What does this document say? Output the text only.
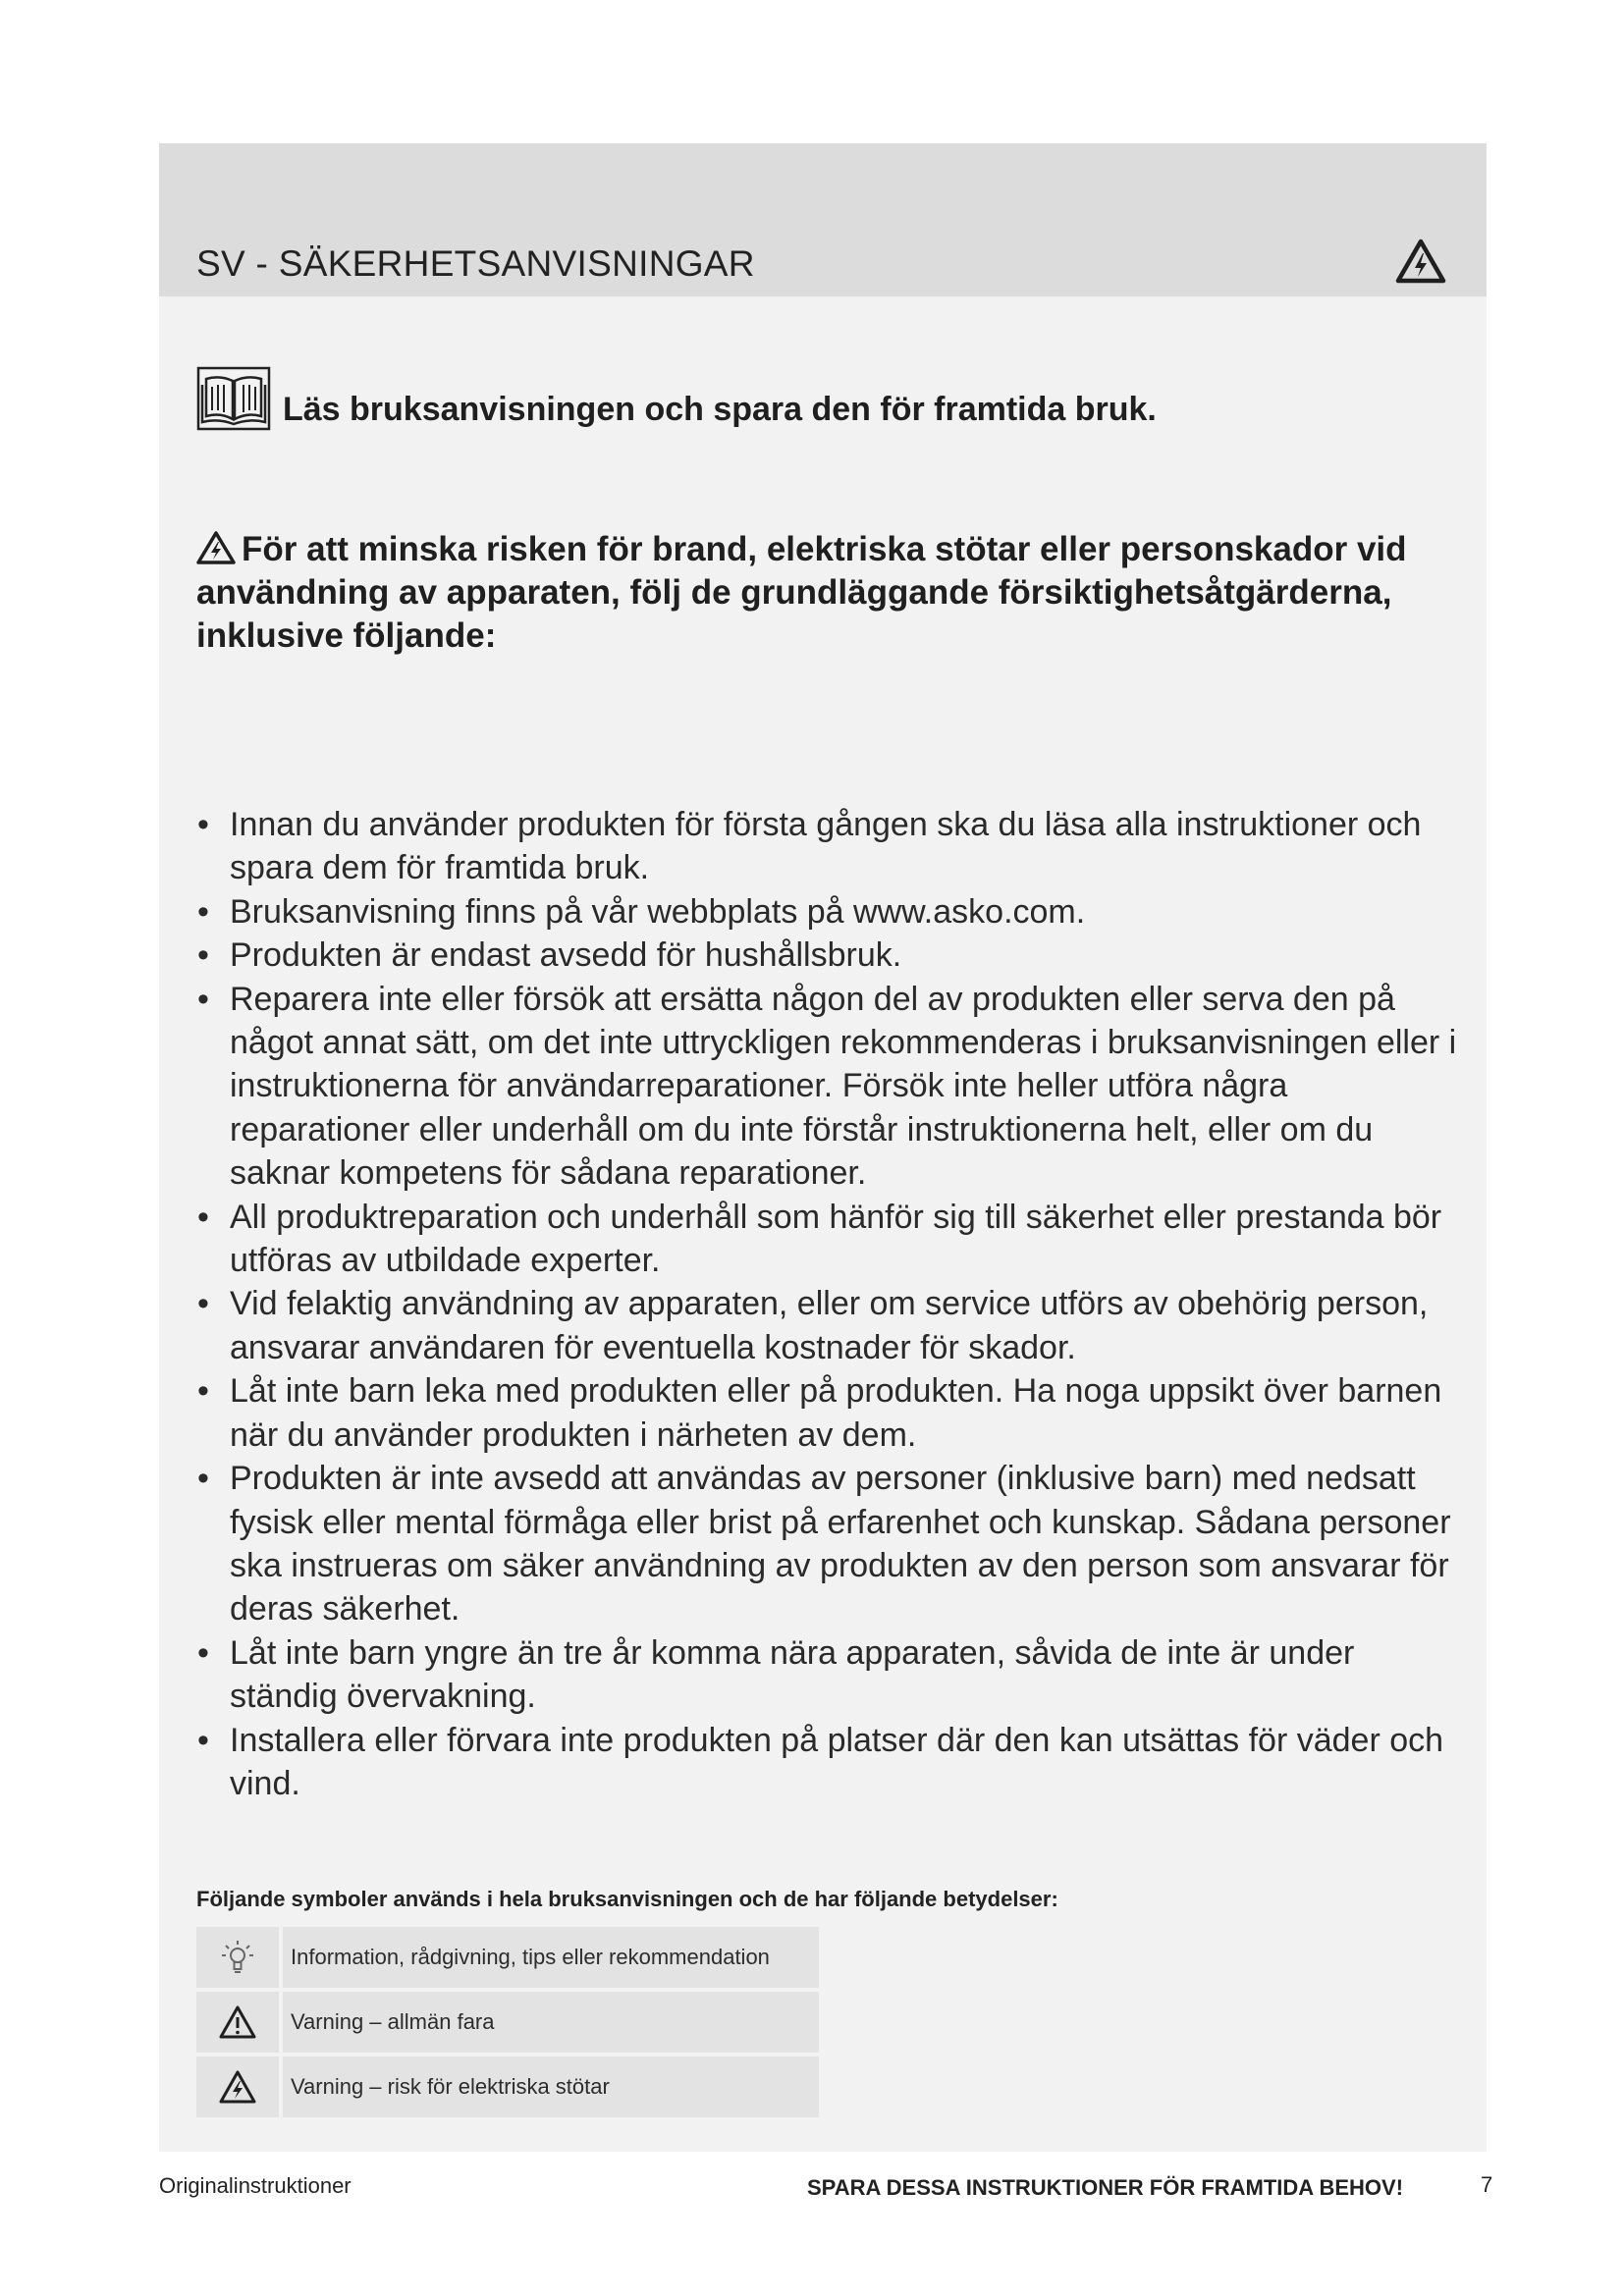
SV - SÄKERHETSANVISNINGAR

Läs bruksanvisningen och spara den för framtida bruk.

För att minska risken för brand, elektriska stötar eller personskador vid användning av apparaten, följ de grundläggande försiktighetsåtgärderna, inklusive följande:

• Innan du använder produkten för första gången ska du läsa alla instruktioner och spara dem för framtida bruk.
• Bruksanvisning finns på vår webbplats på www.asko.com.
• Produkten är endast avsedd för hushållsbruk.
• Reparera inte eller försök att ersätta någon del av produkten eller serva den på något annat sätt, om det inte uttryckligen rekommenderas i bruksanvisningen eller i instruktionerna för användarreparationer. Försök inte heller utföra några reparationer eller underhåll om du inte förstår instruktionerna helt, eller om du saknar kompetens för sådana reparationer.
• All produktreparation och underhåll som hänför sig till säkerhet eller prestanda bör utföras av utbildade experter.
• Vid felaktig användning av apparaten, eller om service utförs av obehörig person, ansvarar användaren för eventuella kostnader för skador.
• Låt inte barn leka med produkten eller på produkten. Ha noga uppsikt över barnen när du använder produkten i närheten av dem.
• Produkten är inte avsedd att användas av personer (inklusive barn) med nedsatt fysisk eller mental förmåga eller brist på erfarenhet och kunskap. Sådana personer ska instrueras om säker användning av produkten av den person som ansvarar för deras säkerhet.
• Låt inte barn yngre än tre år komma nära apparaten, såvida de inte är under ständig övervakning.
• Installera eller förvara inte produkten på platser där den kan utsättas för väder och vind.

Följande symboler används i hela bruksanvisningen och de har följande betydelser:

	Information, rådgivning, tips eller rekommendation

	Varning – allmän fara

	Varning – risk för elektriska stötar

Originalinstruktioner	SPARA DESSA INSTRUKTIONER FÖR FRAMTIDA BEHOV!	7
